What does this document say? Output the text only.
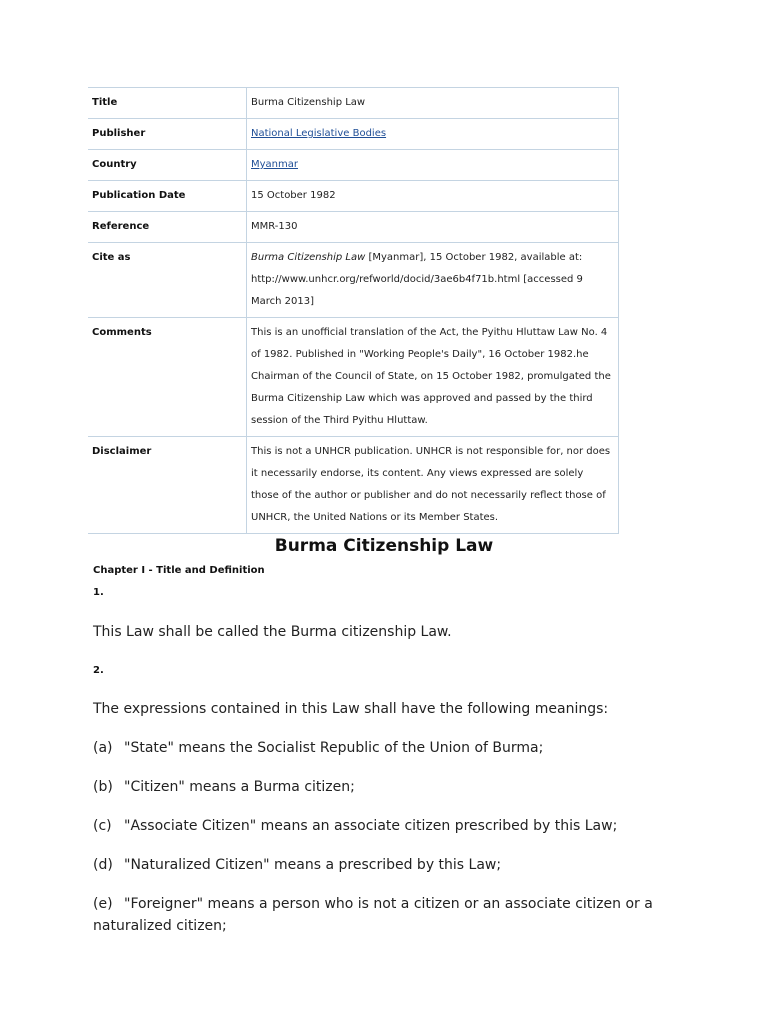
Title	Burma Citizenship Law
Publisher	National Legislative Bodies
Country	Myanmar
Publication Date	15 October 1982
Reference	MMR-130
Cite as	Burma Citizenship Law [Myanmar], 15 October 1982, available at: http://www.unhcr.org/refworld/docid/3ae6b4f71b.html [accessed 9 March 2013]
Comments	This is an unofficial translation of the Act, the Pyithu Hluttaw Law No. 4 of 1982. Published in "Working People's Daily", 16 October 1982.he Chairman of the Council of State, on 15 October 1982, promulgated the Burma Citizenship Law which was approved and passed by the third session of the Third Pyithu Hluttaw.
Disclaimer	This is not a UNHCR publication. UNHCR is not responsible for, nor does it necessarily endorse, its content. Any views expressed are solely those of the author or publisher and do not necessarily reflect those of UNHCR, the United Nations or its Member States.
Burma Citizenship Law
Chapter I - Title and Definition
1.
This Law shall be called the Burma citizenship Law.
2.
The expressions contained in this Law shall have the following meanings:
(a) "State" means the Socialist Republic of the Union of Burma;
(b) "Citizen" means a Burma citizen;
(c) "Associate Citizen" means an associate citizen prescribed by this Law;
(d) "Naturalized Citizen" means a prescribed by this Law;
(e) "Foreigner" means a person who is not a citizen or an associate citizen or a naturalized citizen;
